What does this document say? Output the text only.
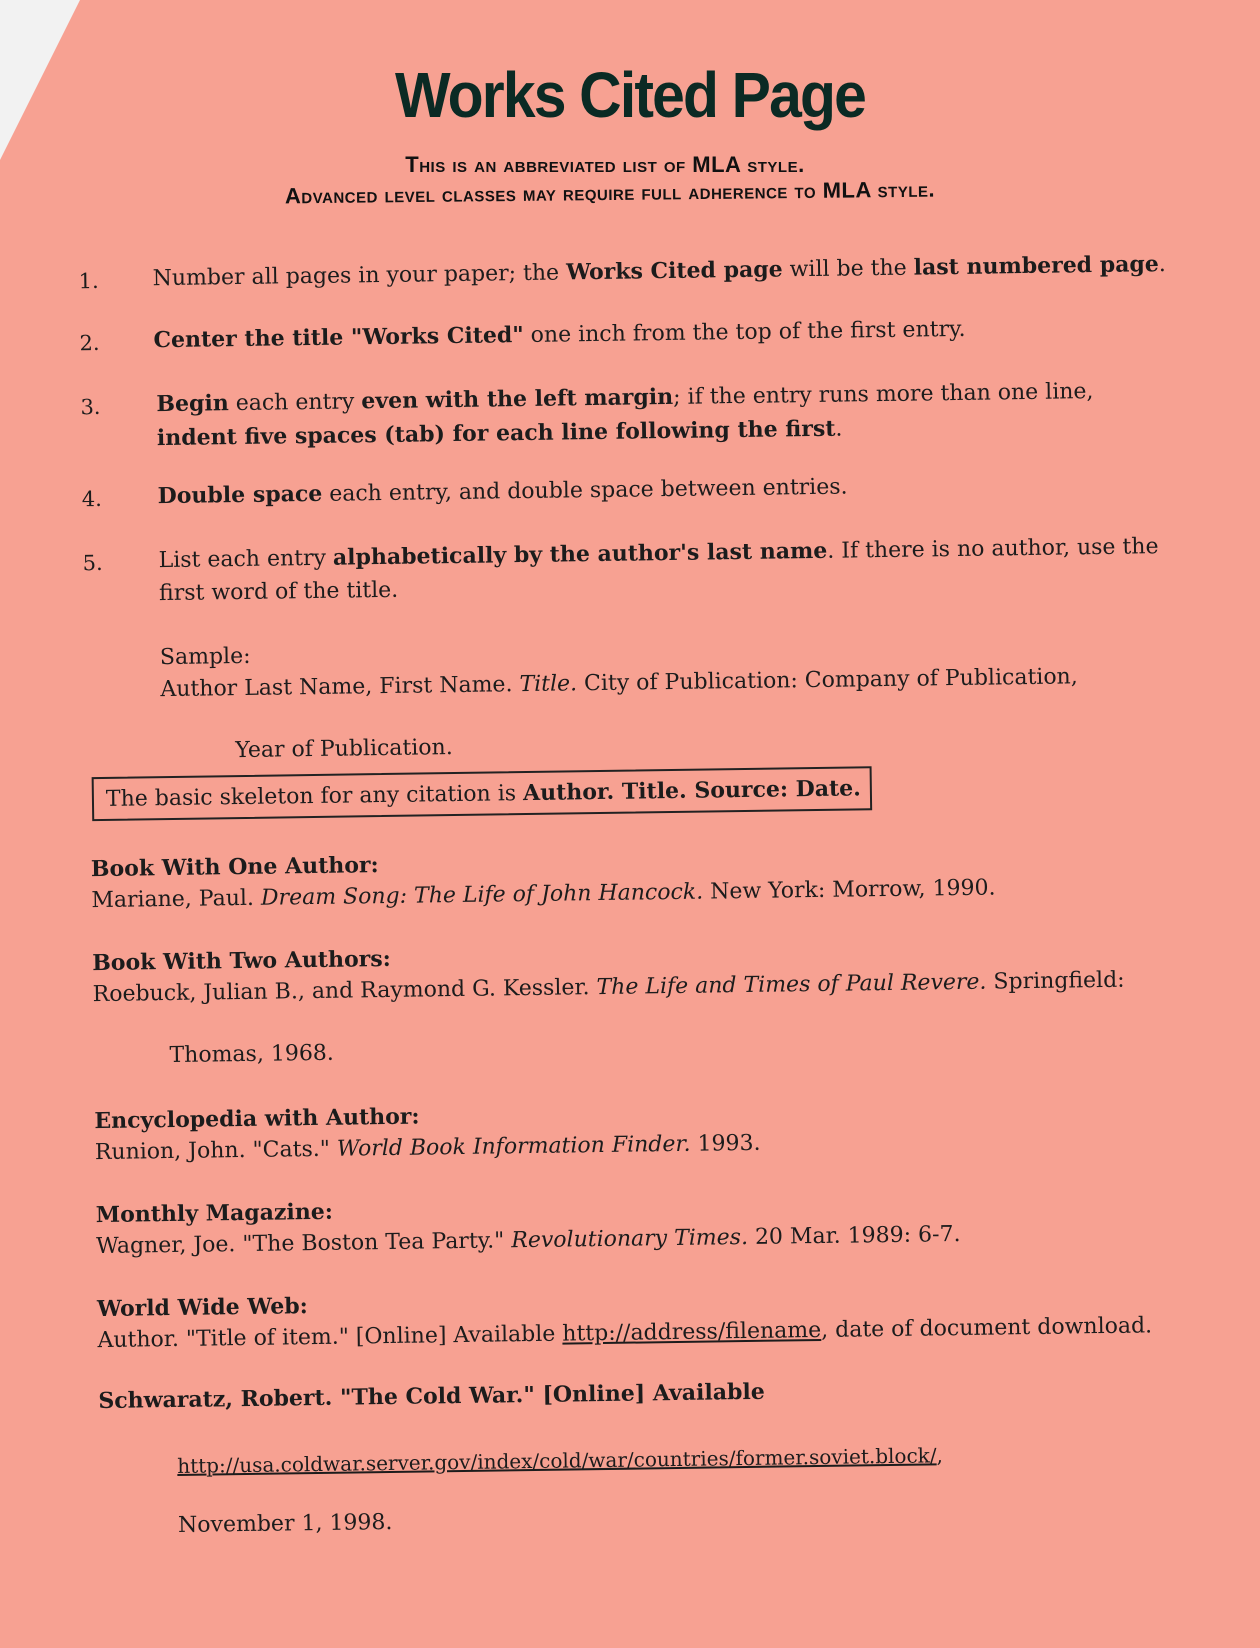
Works Cited Page
This is an abbreviated list of MLA style.
Advanced level classes may require full adherence to MLA style.
1. Number all pages in your paper; the Works Cited page will be the last numbered page.
2. Center the title "Works Cited" one inch from the top of the first entry.
3.	Begin each entry even with the left margin; if the entry runs more than one line,
indent five spaces (tab) for each line following the first.
4.	Double space each entry, and double space between entries.
5.	List each entry alphabetically by the author's last name. If there is no author, use the
first word of the title.
Sample:
Author Last Name, First Name. Title. City of Publication: Company of Publication,
Year of Publication.
The basic skeleton for any citation is Author. Title. Source: Date.
Book With One Author:
Mariane, Paul. Dream Song: The Life of John Hancock. New York: Morrow, 1990.
Book With Two Authors:
Roebuck, Julian B., and Raymond G. Kessler. The Life and Times of Paul Revere. Springfield:
Thomas, 1968.
Encyclopedia with Author:
Runion, John. "Cats." World Book Information Finder. 1993.
Monthly Magazine:
Wagner, Joe. "The Boston Tea Party." Revolutionary Times. 20 Mar. 1989: 6-7.
World Wide Web:
Author. "Title of item." [Online] Available http://address/filename, date of document download.
Schwaratz, Robert. "The Cold War." [Online] Available
http://usa.coldwar.server.gov/index/cold/war/countries/former.soviet.block/,
November 1, 1998.
